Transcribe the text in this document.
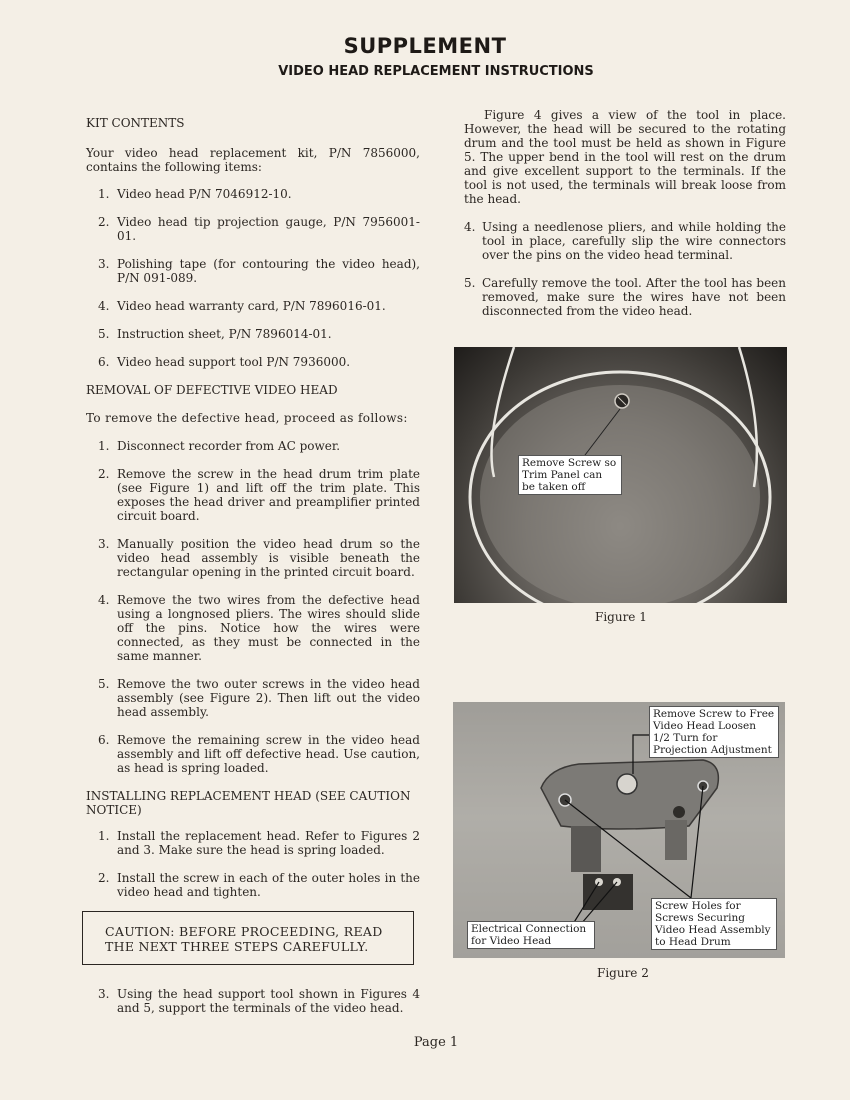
SUPPLEMENT
VIDEO HEAD REPLACEMENT INSTRUCTIONS

KIT CONTENTS

Your video head replacement kit, P/N 7856000, contains the following items:

1. Video head P/N 7046912-10.
2. Video head tip projection gauge, P/N 7956001-01.
3. Polishing tape (for contouring the video head), P/N 091-089.
4. Video head warranty card, P/N 7896016-01.
5. Instruction sheet, P/N 7896014-01.
6. Video head support tool P/N 7936000.

REMOVAL OF DEFECTIVE VIDEO HEAD

To remove the defective head, proceed as follows:

1. Disconnect recorder from AC power.
2. Remove the screw in the head drum trim plate (see Figure 1) and lift off the trim plate. This exposes the head driver and preamplifier printed circuit board.
3. Manually position the video head drum so the video head assembly is visible beneath the rectangular opening in the printed circuit board.
4. Remove the two wires from the defective head using a longnosed pliers. The wires should slide off the pins. Notice how the wires were connected, as they must be connected in the same manner.
5. Remove the two outer screws in the video head assembly (see Figure 2). Then lift out the video head assembly.
6. Remove the remaining screw in the video head assembly and lift off defective head. Use caution, as head is spring loaded.

INSTALLING REPLACEMENT HEAD (SEE CAUTION NOTICE)

1. Install the replacement head. Refer to Figures 2 and 3. Make sure the head is spring loaded.
2. Install the screw in each of the outer holes in the video head and tighten.
CAUTION: BEFORE PROCEEDING, READ THE NEXT THREE STEPS CAREFULLY.
3. Using the head support tool shown in Figures 4 and 5, support the terminals of the video head.

Figure 4 gives a view of the tool in place. However, the head will be secured to the rotating drum and the tool must be held as shown in Figure 5. The upper bend in the tool will rest on the drum and give excellent support to the terminals. If the tool is not used, the terminals will break loose from the head.

4. Using a needlenose pliers, and while holding the tool in place, carefully slip the wire connectors over the pins on the video head terminal.
5. Carefully remove the tool. After the tool has been removed, make sure the wires have not been disconnected from the video head.
Remove Screw so Trim Panel can be taken off
Figure 1
Remove Screw to Free Video Head Loosen 1/2 Turn for Projection Adjustment
Electrical Connection for Video Head
Screw Holes for Screws Securing Video Head Assembly to Head Drum
Figure 2
Page 1
